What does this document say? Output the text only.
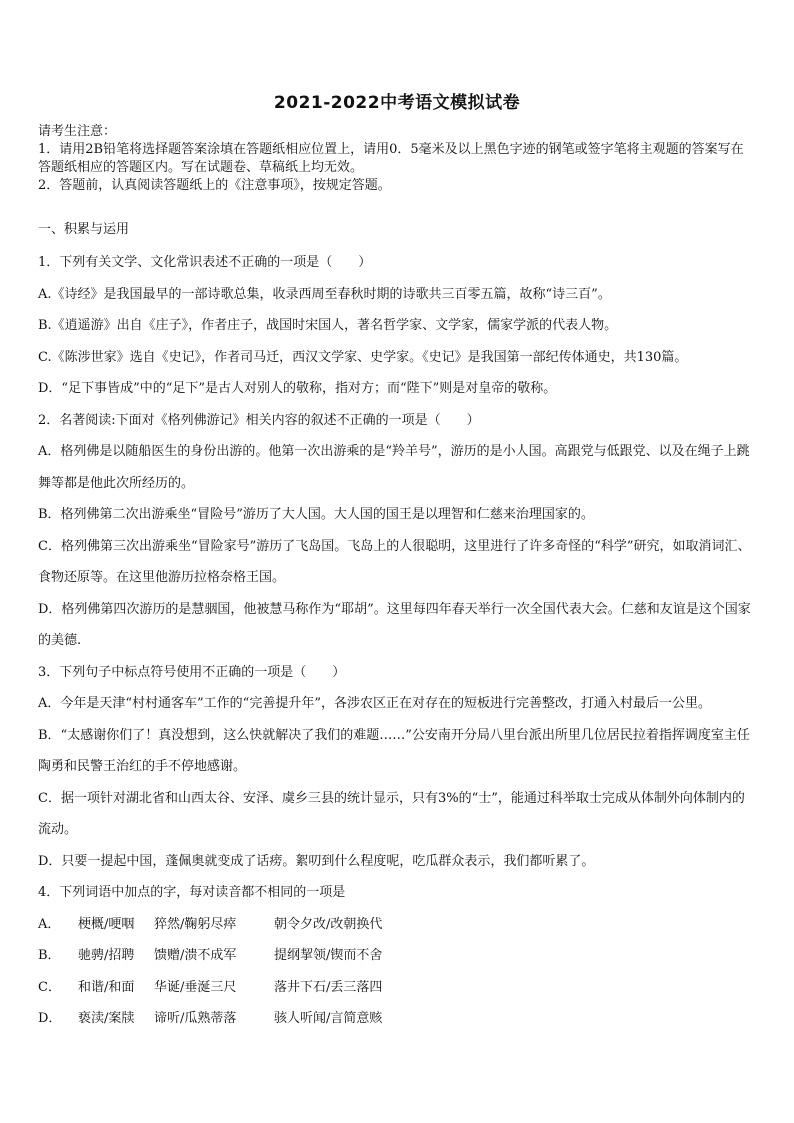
2021-2022中考语文模拟试卷

请考生注意：

1．请用2B铅笔将选择题答案涂填在答题纸相应位置上，请用0．5毫米及以上黑色字迹的钢笔或签字笔将主观题的答案写在答题纸相应的答题区内。写在试题卷、草稿纸上均无效。

2．答题前，认真阅读答题纸上的《注意事项》，按规定答题。

一、积累与运用

1．下列有关文学、文化常识表述不正确的一项是（　　）

A.《诗经》是我国最早的一部诗歌总集，收录西周至春秋时期的诗歌共三百零五篇，故称“诗三百”。

B.《逍遥游》出自《庄子》，作者庄子，战国时宋国人，著名哲学家、文学家，儒家学派的代表人物。

C.《陈涉世家》选自《史记》，作者司马迁，西汉文学家、史学家。《史记》是我国第一部纪传体通史，共130篇。

D．“足下事皆成”中的“足下”是古人对别人的敬称，指对方；而“陛下”则是对皇帝的敬称。

2．名著阅读:下面对《格列佛游记》相关内容的叙述不正确的一项是（　　）

A．格列佛是以随船医生的身份出游的。他第一次出游乘的是“羚羊号”，游历的是小人国。高跟党与低跟党、以及在绳子上跳舞等都是他此次所经历的。

B．格列佛第二次出游乘坐“冒险号”游历了大人国。大人国的国王是以理智和仁慈来治理国家的。

C．格列佛第三次出游乘坐“冒险家号”游历了飞岛国。飞岛上的人很聪明，这里进行了许多奇怪的“科学”研究，如取消词汇、食物还原等。在这里他游历拉格奈格王国。

D．格列佛第四次游历的是慧骃国，他被慧马称作为“耶胡”。这里每四年春天举行一次全国代表大会。仁慈和友谊是这个国家的美德.

3．下列句子中标点符号使用不正确的一项是（　　）

A．今年是天津“村村通客车”工作的“完善提升年”，各涉农区正在对存在的短板进行完善整改，打通入村最后一公里。

B．“太感谢你们了！真没想到，这么快就解决了我们的难题……”公安南开分局八里台派出所里几位居民拉着指挥调度室主任陶勇和民警王治红的手不停地感谢。

C．据一项针对湖北省和山西太谷、安泽、虞乡三县的统计显示，只有3%的“士”，能通过科举取士完成从体制外向体制内的流动。

D．只要一提起中国，蓬佩奥就变成了话痨。絮叨到什么程度呢，吃瓜群众表示，我们都听累了。

4．下列词语中加点的字，每对读音都不相同的一项是

A．	梗概/哽咽	猝然/鞠躬尽瘁	朝令夕改/改朝换代
B．	驰骋/招聘	馈赠/溃不成军	提纲挈领/锲而不舍
C．	和谐/和面	华诞/垂涎三尺	落井下石/丢三落四
D．	亵渎/案牍	谛听/瓜熟蒂落	骇人听闻/言简意赅
